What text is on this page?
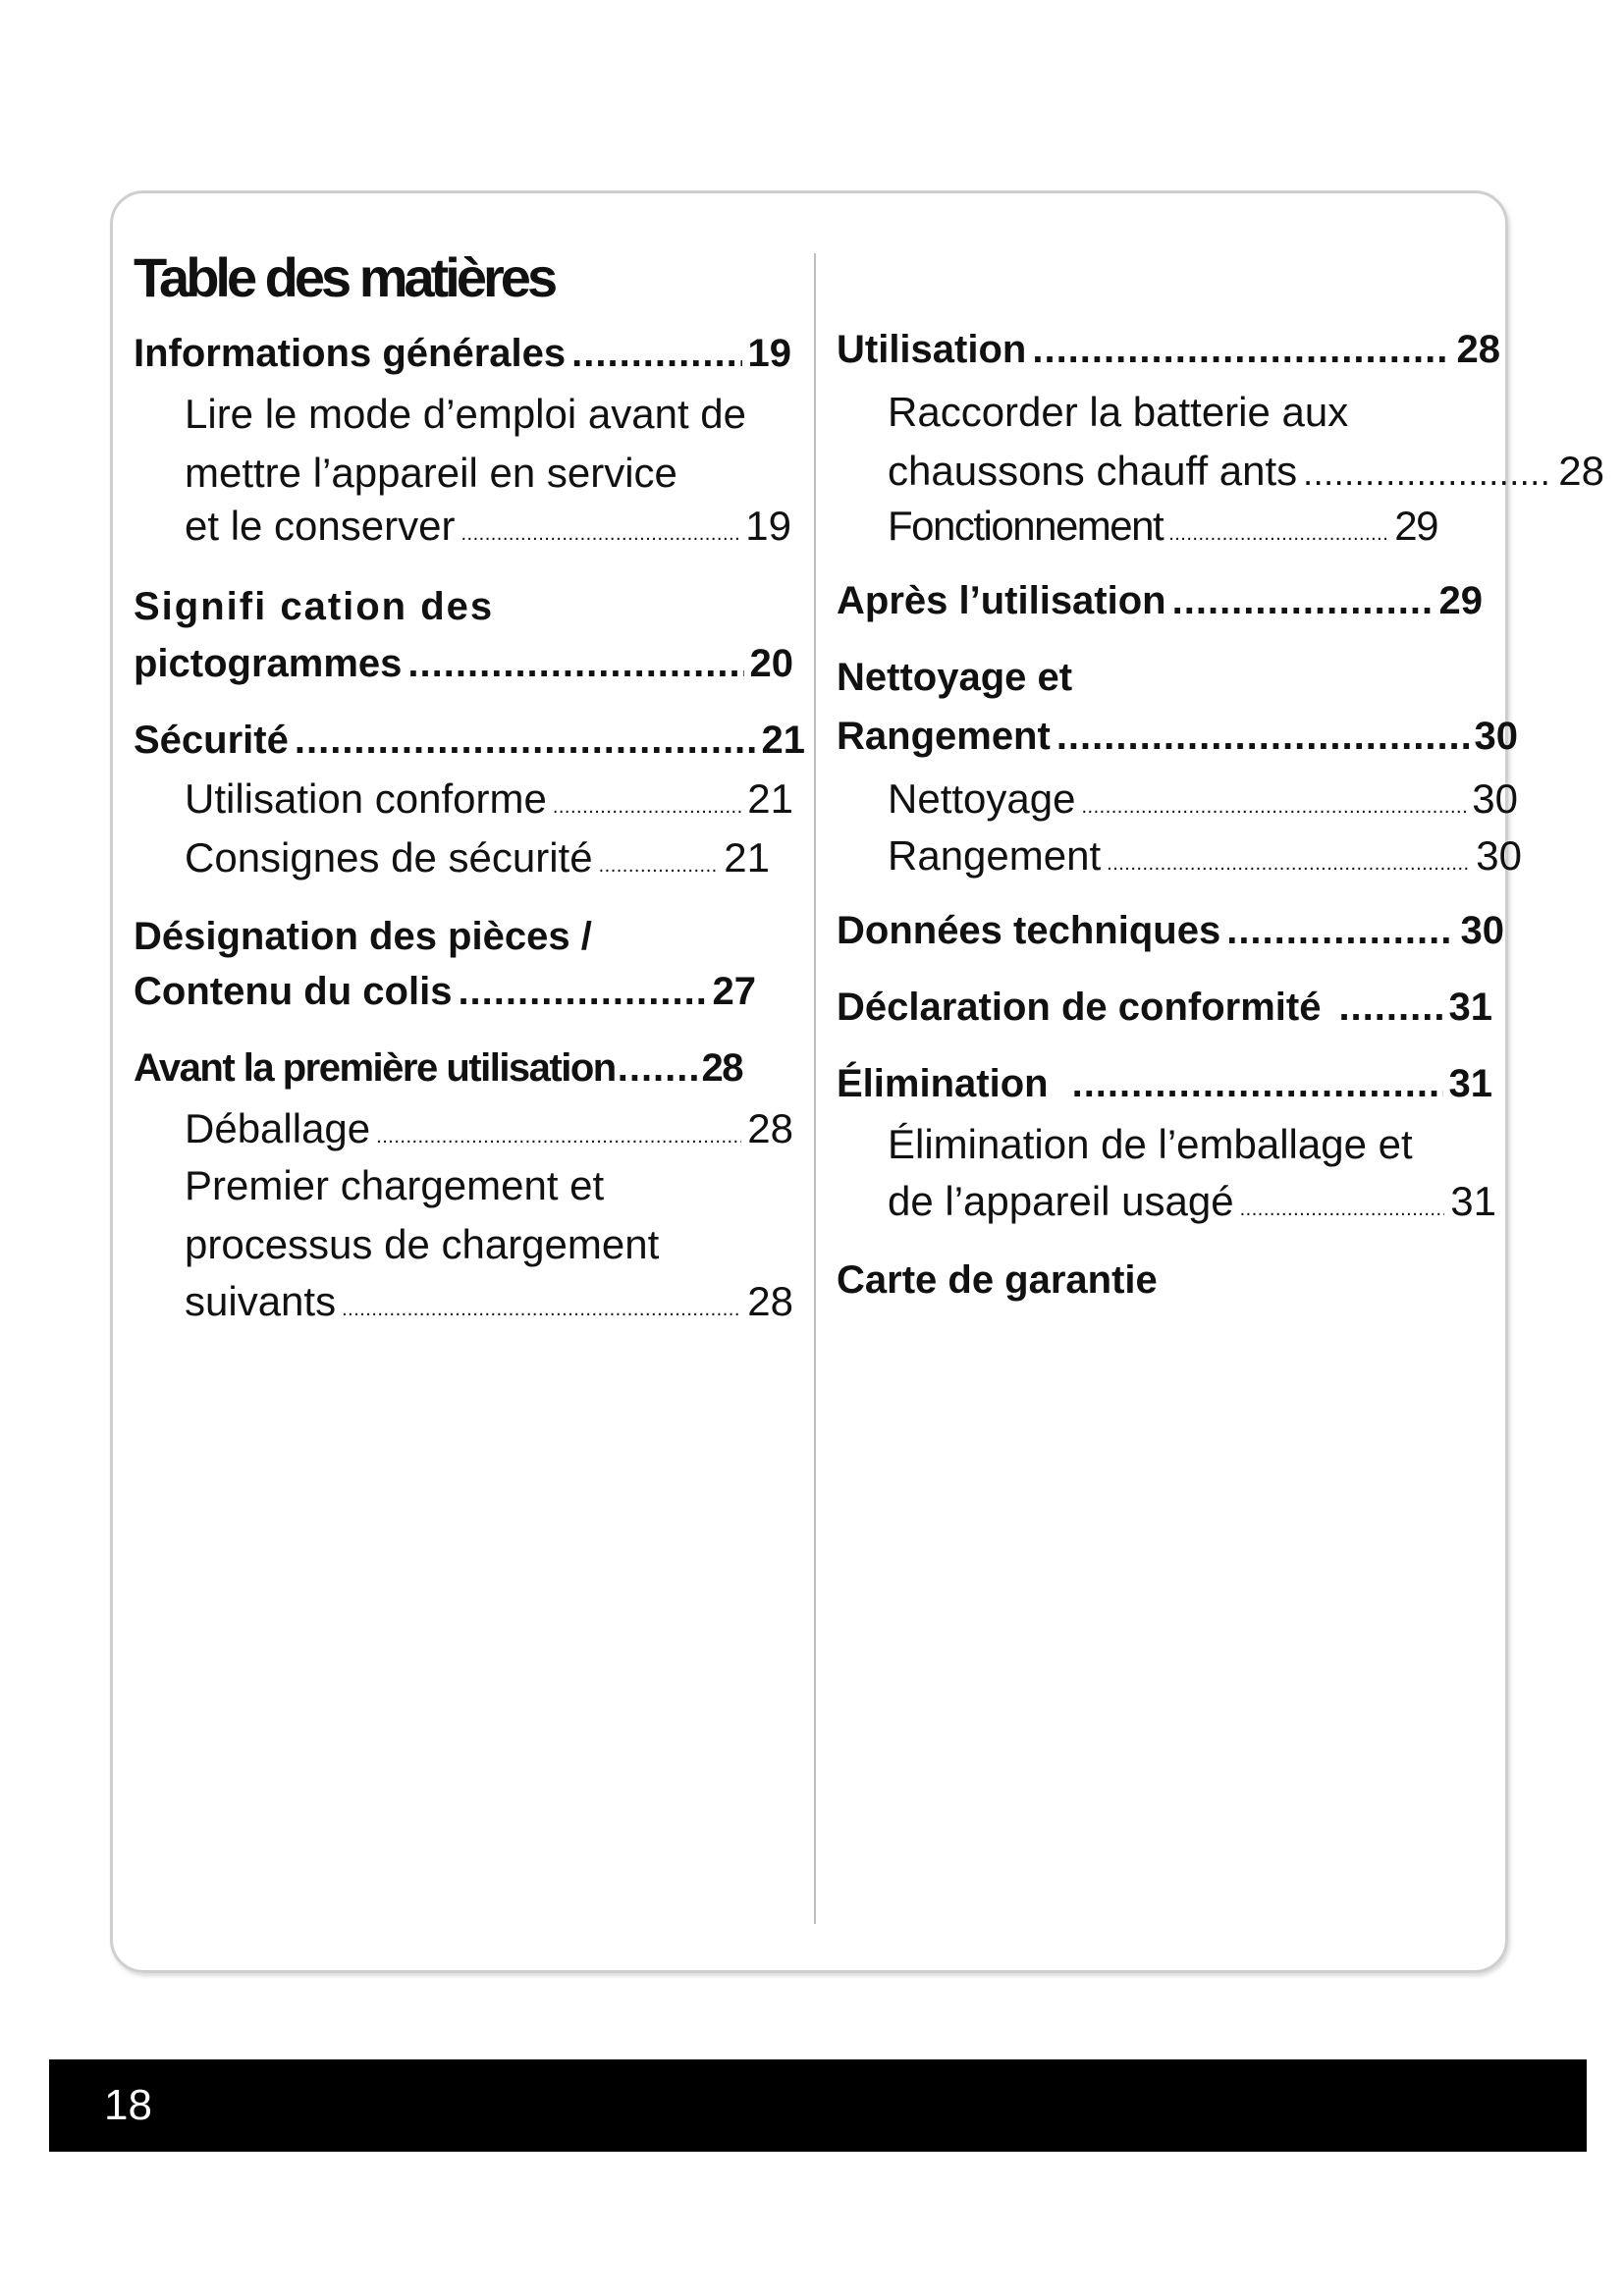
Table des matières
Informations générales .....	19
Lire le mode d’emploi avant de
mettre l’appareil en service
et le conserver .....	19
Signifi cation des
pictogrammes .....	20
Sécurité .....	21
Utilisation conforme .....	21
Consignes de sécurité .....	21
Désignation des pièces /
Contenu du colis .....	27
Avant la première utilisation ..... 28
Déballage .....	28
Premier chargement et
processus de chargement
suivants .....	28
Utilisation .....	28
Raccorder la batterie aux
chaussons chauff ants .....	28
Fonctionnement .....	29
Après l’utilisation .....	29
Nettoyage et
Rangement .....	30
Nettoyage .....	30
Rangement .....	30
Données techniques .....	30
Déclaration de conformité .....	31
Élimination .....	31
Élimination de l’emballage et
de l’appareil usagé .....	31
Carte de garantie
18
